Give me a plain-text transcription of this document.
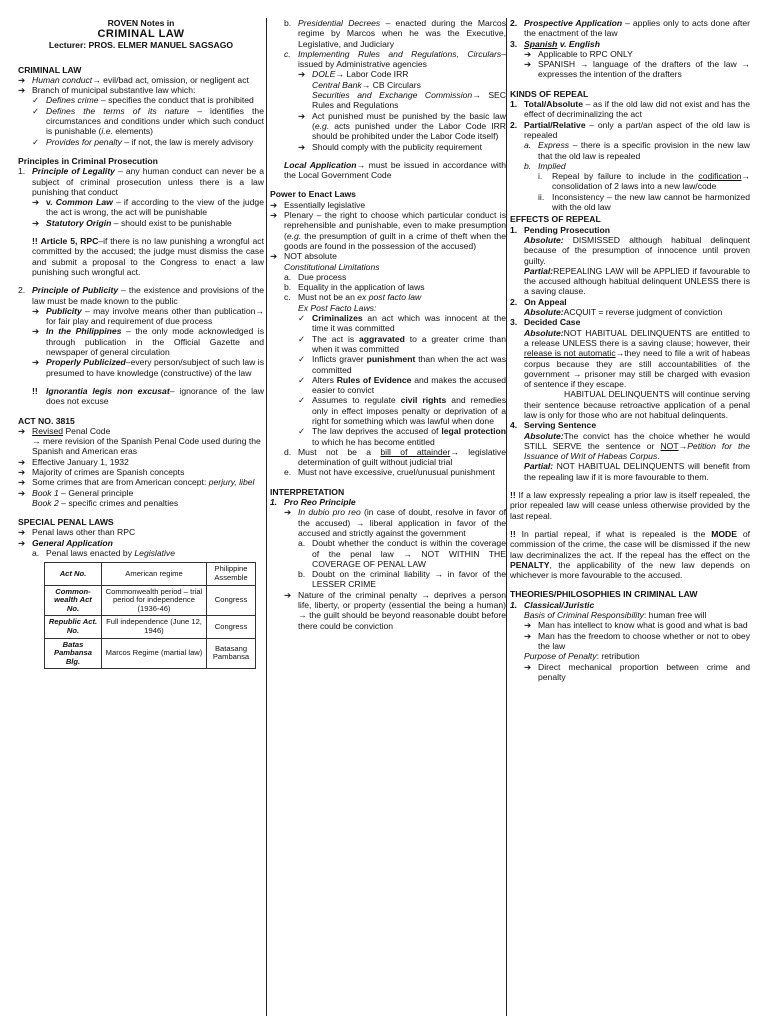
ROVEN Notes in
CRIMINAL LAW
Lecturer: PROS. ELMER MANUEL SAGSAGO
CRIMINAL LAW
➔ Human conduct→ evil/bad act, omission, or negligent act
➔ Branch of municipal substantive law which:
✓ Defines crime – specifies the conduct that is prohibited
✓ Defines the terms of its nature – identifies the circumstances and conditions under which such conduct is punishable (i.e. elements)
✓ Provides for penalty – if not, the law is merely advisory
Principles in Criminal Prosecution
1. Principle of Legality – any human conduct can never be a subject of criminal prosecution unless there is a law punishing that conduct
➔ v. Common Law – if according to the view of the judge the act is wrong, the act will be punishable
➔ Statutory Origin – should exist to be punishable
!! Article 5, RPC–if there is no law punishing a wrongful act committed by the accused; the judge must dismiss the case and submit a proposal to the Congress to enact a law punishing such wrongful act.
2. Principle of Publicity – the existence and provisions of the law must be made known to the public
➔ Publicity – may involve means other than publication→ for fair play and requirement of due process
➔ In the Philippines – the only mode acknowledged is through publication in the Official Gazette and newspaper of general circulation
➔ Properly Publicized–every person/subject of such law is presumed to have knowledge (constructive) of the law
!! Ignorantia legis non excusat– ignorance of the law does not excuse
ACT NO. 3815
➔ Revised Penal Code
→ mere revision of the Spanish Penal Code used during the Spanish and American eras
➔ Effective January 1, 1932
➔ Majority of crimes are Spanish concepts
➔ Some crimes that are from American concept: perjury, libel
➔ Book 1 – General principle
Book 2 – specific crimes and penalties
SPECIAL PENAL LAWS
➔ Penal laws other than RPC
➔ General Application
a. Penal laws enacted by Legislative
Act No.	American regime	Philippine Assemble
Common-wealth Act No.	Commonwealth period – trial period for independence (1936-46)	Congress
Republic Act. No.	Full independence (June 12, 1946)	Congress
Batas Pambansa Blg.	Marcos Regime (martial law)	Batasang Pambansa
b. Presidential Decrees – enacted during the Marcos regime by Marcos when he was the Executive, Legislative, and Judiciary
c. Implementing Rules and Regulations, Circulars–issued by Administrative agencies
➔ DOLE→ Labor Code IRR
Central Bank→ CB Circulars
Securities and Exchange Commission→ SEC Rules and Regulations
➔ Act punished must be punished by the basic law (e.g. acts punished under the Labor Code IRR should be prohibited under the Labor Code itself)
➔ Should comply with the publicity requirement
Local Application→ must be issued in accordance with the Local Government Code
Power to Enact Laws
➔ Essentially legislative
➔ Plenary – the right to choose which particular conduct is reprehensible and punishable, even to make presumption (e.g. the presumption of guilt in a crime of theft when the goods are found in the possession of the accused)
➔ NOT absolute
Constitutional Limitations
a. Due process
b. Equality in the application of laws
c. Must not be an ex post facto law
Ex Post Facto Laws:
✓ Criminalizes an act which was innocent at the time it was committed
✓ The act is aggravated to a greater crime than when it was committed
✓ Inflicts graver punishment than when the act was committed
✓ Alters Rules of Evidence and makes the accused easier to convict
✓ Assumes to regulate civil rights and remedies only in effect imposes penalty or deprivation of a right for something which was lawful when done
✓ The law deprives the accused of legal protection to which he has become entitled
d. Must not be a bill of attainder→ legislative determination of guilt without judicial trial
e. Must not have excessive, cruel/unusual punishment
INTERPRETATION
1. Pro Reo Principle
➔ In dubio pro reo (in case of doubt, resolve in favor of the accused) → liberal application in favor of the accused and strictly against the government
a. Doubt whether the conduct is within the coverage of the penal law → NOT WITHIN THE COVERAGE OF PENAL LAW
b. Doubt on the criminal liability → in favor of the LESSER CRIME
➔ Nature of the criminal penalty → deprives a person life, liberty, or property (essential the being a human) → the guilt should be beyond reasonable doubt before there could be conviction
2. Prospective Application – applies only to acts done after the enactment of the law
3. Spanish v. English
➔ Applicable to RPC ONLY
➔ SPANISH → language of the drafters of the law → expresses the intention of the drafters
KINDS OF REPEAL
1. Total/Absolute – as if the old law did not exist and has the effect of decriminalizing the act
2. Partial/Relative – only a part/an aspect of the old law is repealed
a. Express – there is a specific provision in the new law that the old law is repealed
b. Implied
i.	Repeal by failure to include in the codification→ consolidation of 2 laws into a new law/code
ii. Inconsistency – the new law cannot be harmonized with the old law
EFFECTS OF REPEAL
1. Pending Prosecution
Absolute: DISMISSED although habitual delinquent because of the presumption of innocence until proven guilty.
Partial:REPEALING LAW will be APPLIED if favourable to the accused although habitual delinquent UNLESS there is a saving clause.
2. On Appeal
Absolute:ACQUIT = reverse judgment of conviction
3. Decided Case
Absolute:NOT HABITUAL DELINQUENTS are entitled to a release UNLESS there is a saving clause; however, their release is not automatic→they need to file a writ of habeas corpus because they are still accountabilities of the government → prisoner may still be charged with evasion of sentence if they escape.
HABITUAL DELINQUENTS will continue serving their sentence because retroactive application of a penal law is only for those who are not habitual delinquents.
4. Serving Sentence
Absolute:The convict has the choice whether he would STILL SERVE the sentence or NOT→Petition for the Issuance of Writ of Habeas Corpus.
Partial: NOT HABITUAL DELINQUENTS will benefit from the repealing law if it is more favourable to them.
!! If a law expressly repealing a prior law is itself repealed, the prior repealed law will cease unless otherwise provided by the last repeal.
!! In partial repeal, if what is repealed is the MODE of commission of the crime, the case will be dismissed if the new law decriminalizes the act. If the repeal has the effect on the PENALTY, the applicability of the new law depends on whichever is more favourable to the accused.
THEORIES/PHILOSOPHIES IN CRIMINAL LAW
1. Classical/Juristic
Basis of Criminal Responsibility: human free will
➔ Man has intellect to know what is good and what is bad
➔ Man has the freedom to choose whether or not to obey the law
Purpose of Penalty: retribution
➔ Direct mechanical proportion between crime and penalty
